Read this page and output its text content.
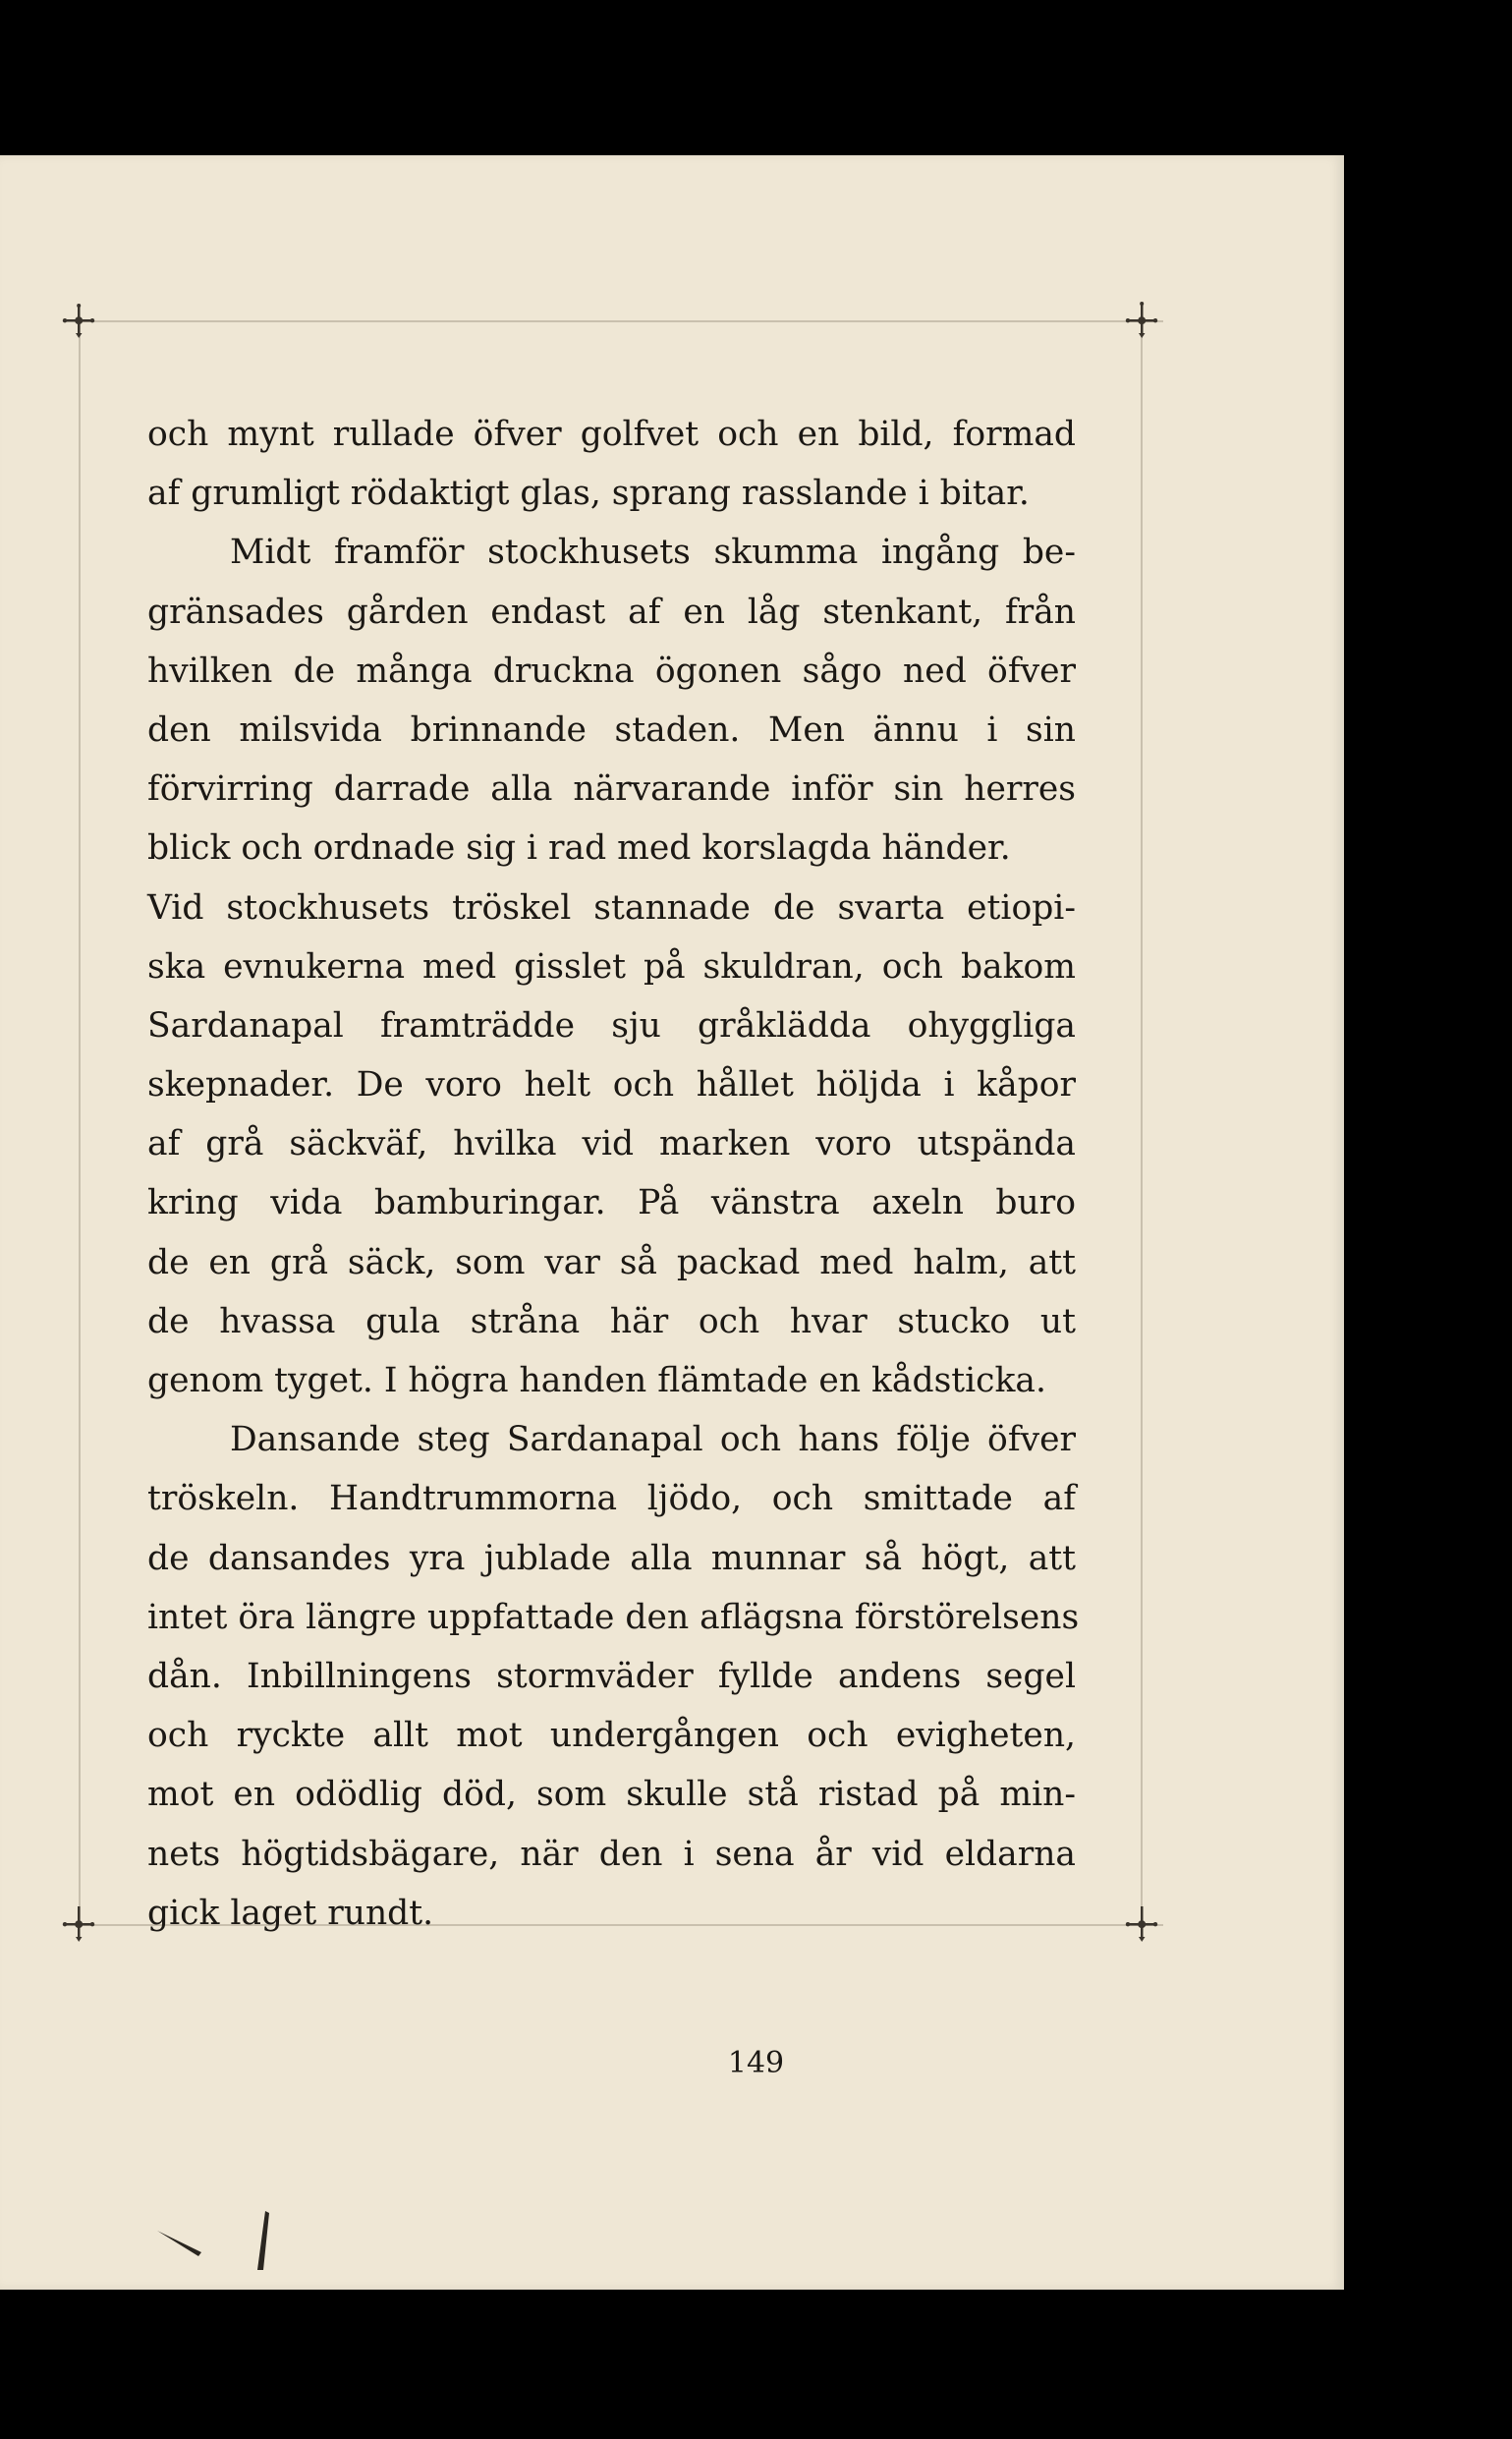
och mynt rullade öfver golfvet och en bild, formad
af grumligt rödaktigt glas, sprang rasslande i bitar.
Midt framför stockhusets skumma ingång be-
gränsades gården endast af en låg stenkant, från
hvilken de många druckna ögonen sågo ned öfver
den milsvida brinnande staden. Men ännu i sin
förvirring darrade alla närvarande inför sin herres
blick och ordnade sig i rad med korslagda händer.
Vid stockhusets tröskel stannade de svarta etiopi-
ska evnukerna med gisslet på skuldran, och bakom
Sardanapal framträdde sju gråklädda ohyggliga
skepnader. De voro helt och hållet höljda i kåpor
af grå säckväf, hvilka vid marken voro utspända
kring vida bamburingar. På vänstra axeln buro
de en grå säck, som var så packad med halm, att
de hvassa gula stråna här och hvar stucko ut
genom tyget. I högra handen flämtade en kådsticka.
Dansande steg Sardanapal och hans följe öfver
tröskeln. Handtrummorna ljödo, och smittade af
de dansandes yra jublade alla munnar så högt, att
intet öra längre uppfattade den aflägsna förstörelsens
dån. Inbillningens stormväder fyllde andens segel
och ryckte allt mot undergången och evigheten,
mot en odödlig död, som skulle stå ristad på min-
nets högtidsbägare, när den i sena år vid eldarna
gick laget rundt.
149
